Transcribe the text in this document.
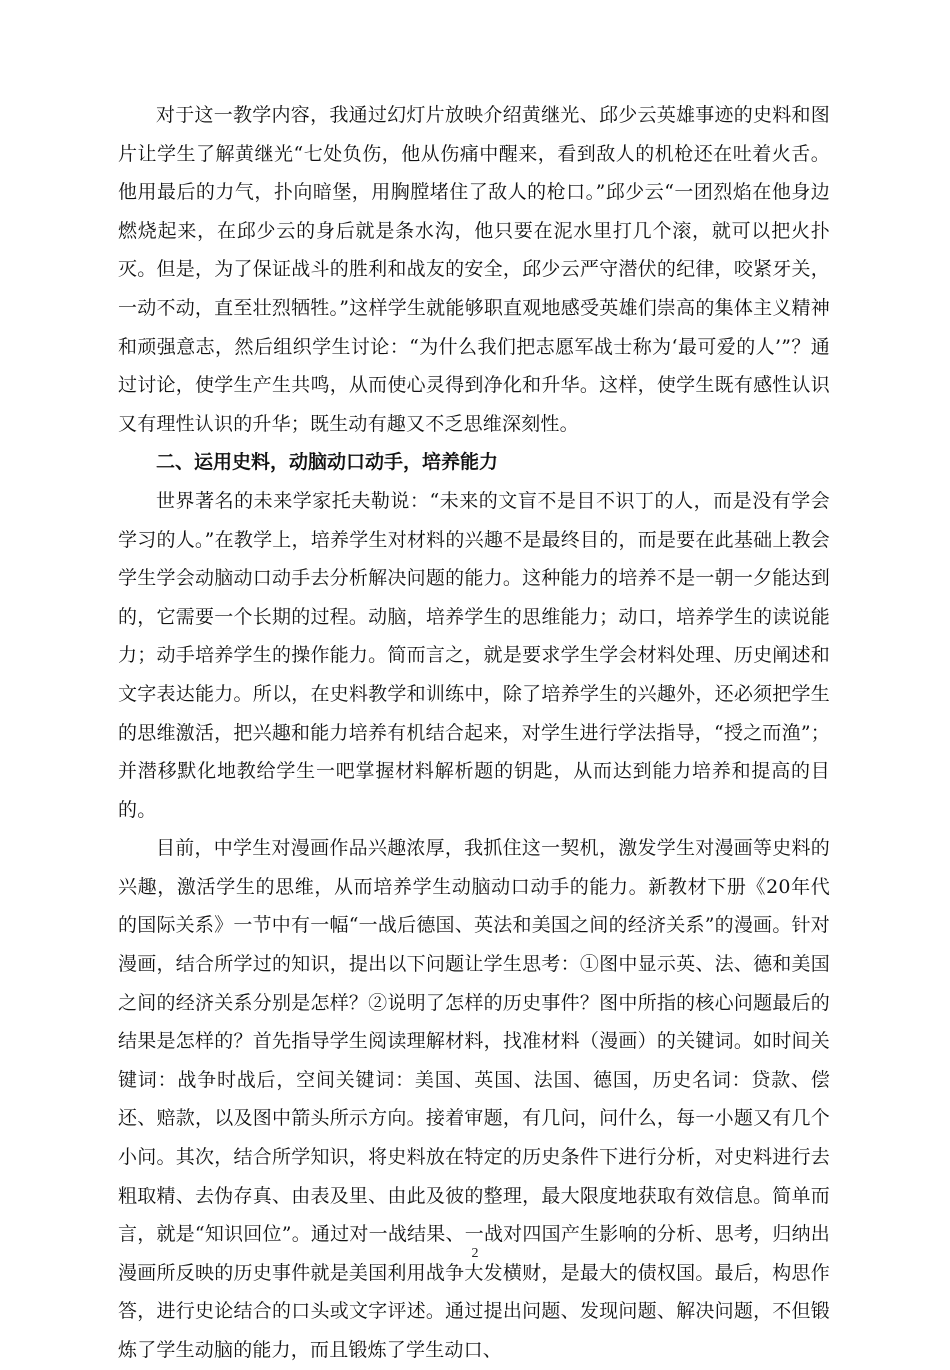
对于这一教学内容，我通过幻灯片放映介绍黄继光、邱少云英雄事迹的史料和图片让学生了解黄继光“七处负伤，他从伤痛中醒来，看到敌人的机枪还在吐着火舌。他用最后的力气，扑向暗堡，用胸膛堵住了敌人的枪口。”邱少云“一团烈焰在他身边燃烧起来，在邱少云的身后就是条水沟，他只要在泥水里打几个滚，就可以把火扑灭。但是，为了保证战斗的胜利和战友的安全，邱少云严守潜伏的纪律，咬紧牙关，一动不动，直至壮烈牺牲。”这样学生就能够职直观地感受英雄们崇高的集体主义精神和顽强意志，然后组织学生讨论：“为什么我们把志愿军战士称为‘最可爱的人’”？通过讨论，使学生产生共鸣，从而使心灵得到净化和升华。这样，使学生既有感性认识又有理性认识的升华；既生动有趣又不乏思维深刻性。

二、运用史料，动脑动口动手，培养能力

世界著名的未来学家托夫勒说：“未来的文盲不是目不识丁的人，而是没有学会学习的人。”在教学上，培养学生对材料的兴趣不是最终目的，而是要在此基础上教会学生学会动脑动口动手去分析解决问题的能力。这种能力的培养不是一朝一夕能达到的，它需要一个长期的过程。动脑，培养学生的思维能力；动口，培养学生的读说能力；动手培养学生的操作能力。简而言之，就是要求学生学会材料处理、历史阐述和文字表达能力。所以，在史料教学和训练中，除了培养学生的兴趣外，还必须把学生的思维激活，把兴趣和能力培养有机结合起来，对学生进行学法指导，“授之而渔”；并潜移默化地教给学生一吧掌握材料解析题的钥匙，从而达到能力培养和提高的目的。

目前，中学生对漫画作品兴趣浓厚，我抓住这一契机，激发学生对漫画等史料的兴趣，激活学生的思维，从而培养学生动脑动口动手的能力。新教材下册《20年代的国际关系》一节中有一幅“一战后德国、英法和美国之间的经济关系”的漫画。针对漫画，结合所学过的知识，提出以下问题让学生思考：①图中显示英、法、德和美国之间的经济关系分别是怎样？②说明了怎样的历史事件？图中所指的核心问题最后的结果是怎样的？首先指导学生阅读理解材料，找准材料（漫画）的关键词。如时间关键词：战争时战后，空间关键词：美国、英国、法国、德国，历史名词：贷款、偿还、赔款，以及图中箭头所示方向。接着审题，有几问，问什么，每一小题又有几个小问。其次，结合所学知识，将史料放在特定的历史条件下进行分析，对史料进行去粗取精、去伪存真、由表及里、由此及彼的整理，最大限度地获取有效信息。简单而言，就是“知识回位”。通过对一战结果、一战对四国产生影响的分析、思考，归纳出漫画所反映的历史事件就是美国利用战争大发横财，是最大的债权国。最后，构思作答，进行史论结合的口头或文字评述。通过提出问题、发现问题、解决问题，不但锻炼了学生动脑的能力，而且锻炼了学生动口、

2
